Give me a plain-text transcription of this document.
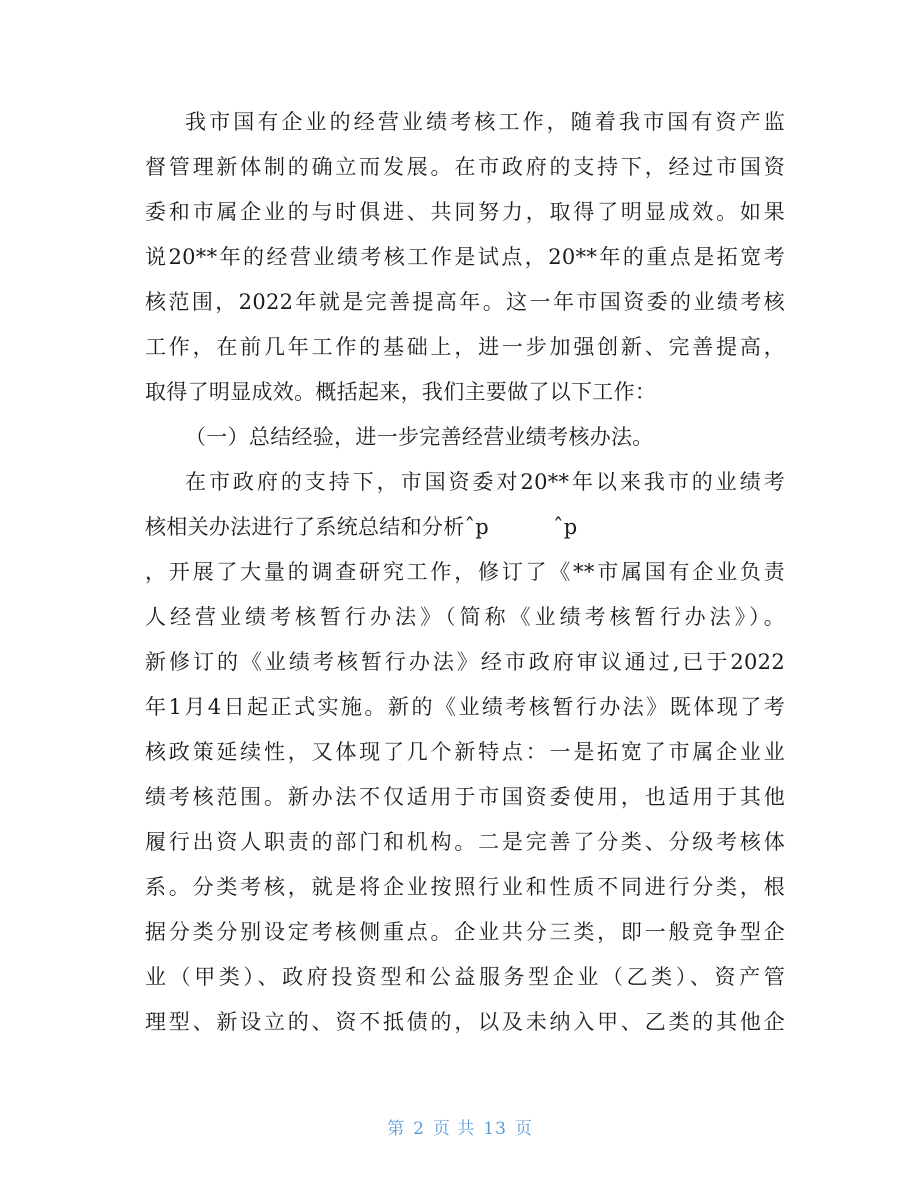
我市国有企业的经营业绩考核工作，随着我市国有资产监
督管理新体制的确立而发展。在市政府的支持下，经过市国资
委和市属企业的与时俱进、共同努力，取得了明显成效。如果
说20**年的经营业绩考核工作是试点，20**年的重点是拓宽考
核范围，2022年就是完善提高年。这一年市国资委的业绩考核
工作，在前几年工作的基础上，进一步加强创新、完善提高，
取得了明显成效。概括起来，我们主要做了以下工作：
（一）总结经验，进一步完善经营业绩考核办法。
在市政府的支持下，市国资委对20**年以来我市的业绩考
核相关办法进行了系统总结和分析ˆp　　　ˆp
，开展了大量的调查研究工作，修订了《**市属国有企业负责
人经营业绩考核暂行办法》（简称《业绩考核暂行办法》）。
新修订的《业绩考核暂行办法》经市政府审议通过,已于2022
年1月4日起正式实施。新的《业绩考核暂行办法》既体现了考
核政策延续性，又体现了几个新特点：一是拓宽了市属企业业
绩考核范围。新办法不仅适用于市国资委使用，也适用于其他
履行出资人职责的部门和机构。二是完善了分类、分级考核体
系。分类考核，就是将企业按照行业和性质不同进行分类，根
据分类分别设定考核侧重点。企业共分三类，即一般竞争型企
业（甲类）、政府投资型和公益服务型企业（乙类）、资产管
理型、新设立的、资不抵债的，以及未纳入甲、乙类的其他企
第 2 页 共 13 页
